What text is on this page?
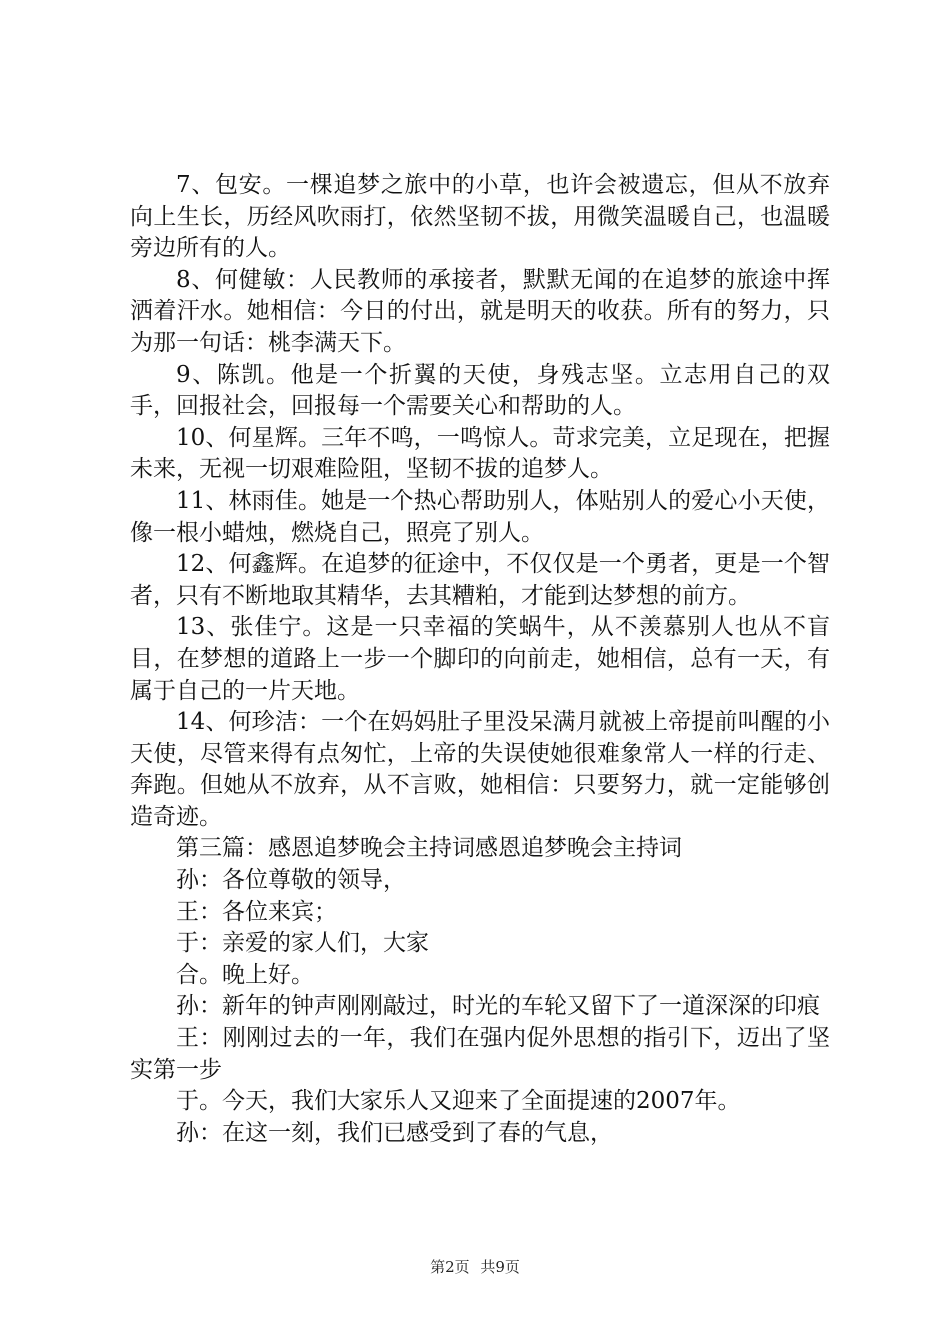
7、包安。一棵追梦之旅中的小草，也许会被遗忘，但从不放弃向上生长，历经风吹雨打，依然坚韧不拔，用微笑温暖自己，也温暖旁边所有的人。

8、何健敏：人民教师的承接者，默默无闻的在追梦的旅途中挥洒着汗水。她相信：今日的付出，就是明天的收获。所有的努力，只为那一句话：桃李满天下。

9、陈凯。他是一个折翼的天使，身残志坚。立志用自己的双手，回报社会，回报每一个需要关心和帮助的人。

10、何星辉。三年不鸣，一鸣惊人。苛求完美，立足现在，把握未来，无视一切艰难险阻，坚韧不拔的追梦人。

11、林雨佳。她是一个热心帮助别人，体贴别人的爱心小天使，像一根小蜡烛，燃烧自己，照亮了别人。

12、何鑫辉。在追梦的征途中，不仅仅是一个勇者，更是一个智者，只有不断地取其精华，去其糟粕，才能到达梦想的前方。

13、张佳宁。这是一只幸福的笑蜗牛，从不羡慕别人也从不盲目，在梦想的道路上一步一个脚印的向前走，她相信，总有一天，有属于自己的一片天地。

14、何珍洁：一个在妈妈肚子里没呆满月就被上帝提前叫醒的小天使，尽管来得有点匆忙，上帝的失误使她很难象常人一样的行走、奔跑。但她从不放弃，从不言败，她相信：只要努力，就一定能够创造奇迹。

第三篇：感恩追梦晚会主持词感恩追梦晚会主持词

孙：各位尊敬的领导，

王：各位来宾；

于：亲爱的家人们，大家

合。晚上好。

孙：新年的钟声刚刚敲过，时光的车轮又留下了一道深深的印痕

王：刚刚过去的一年，我们在强内促外思想的指引下，迈出了坚实第一步

于。今天，我们大家乐人又迎来了全面提速的2007年。

孙：在这一刻，我们已感受到了春的气息，

第2页 共9页
